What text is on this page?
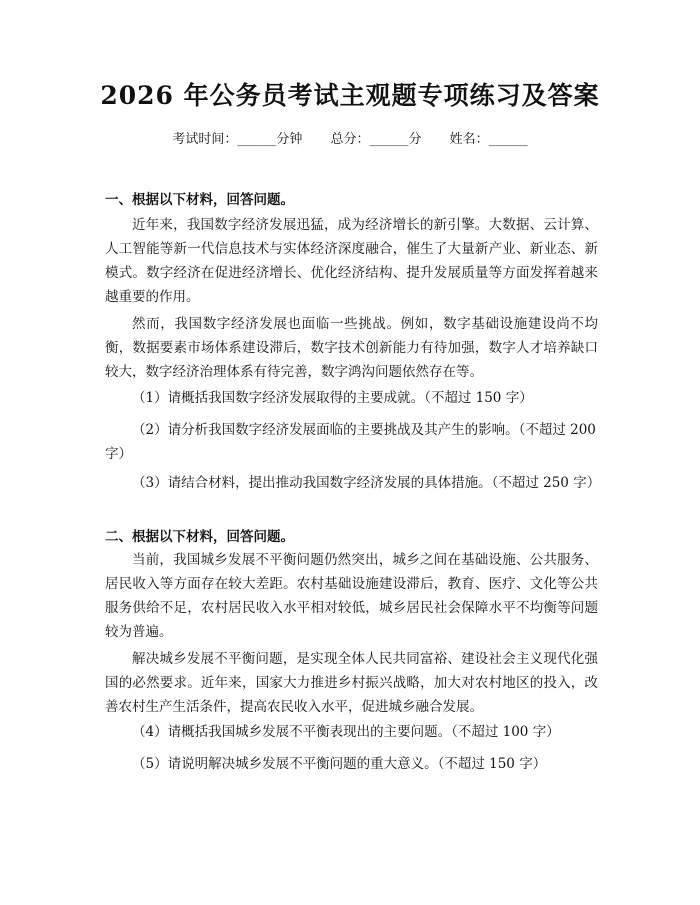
2026 年公务员考试主观题专项练习及答案
考试时间：______分钟 总分：______分 姓名：______
一、根据以下材料，回答问题。

近年来，我国数字经济发展迅猛，成为经济增长的新引擎。大数据、云计算、人工智能等新一代信息技术与实体经济深度融合，催生了大量新产业、新业态、新模式。数字经济在促进经济增长、优化经济结构、提升发展质量等方面发挥着越来越重要的作用。

然而，我国数字经济发展也面临一些挑战。例如，数字基础设施建设尚不均衡，数据要素市场体系建设滞后，数字技术创新能力有待加强，数字人才培养缺口较大，数字经济治理体系有待完善，数字鸿沟问题依然存在等。

（1）请概括我国数字经济发展取得的主要成就。（不超过 150 字）

（2）请分析我国数字经济发展面临的主要挑战及其产生的影响。（不超过 200 字）

（3）请结合材料，提出推动我国数字经济发展的具体措施。（不超过 250 字）

二、根据以下材料，回答问题。

当前，我国城乡发展不平衡问题仍然突出，城乡之间在基础设施、公共服务、居民收入等方面存在较大差距。农村基础设施建设滞后，教育、医疗、文化等公共服务供给不足，农村居民收入水平相对较低，城乡居民社会保障水平不均衡等问题较为普遍。

解决城乡发展不平衡问题，是实现全体人民共同富裕、建设社会主义现代化强国的必然要求。近年来，国家大力推进乡村振兴战略，加大对农村地区的投入，改善农村生产生活条件，提高农民收入水平，促进城乡融合发展。

（4）请概括我国城乡发展不平衡表现出的主要问题。（不超过 100 字）

（5）请说明解决城乡发展不平衡问题的重大意义。（不超过 150 字）
